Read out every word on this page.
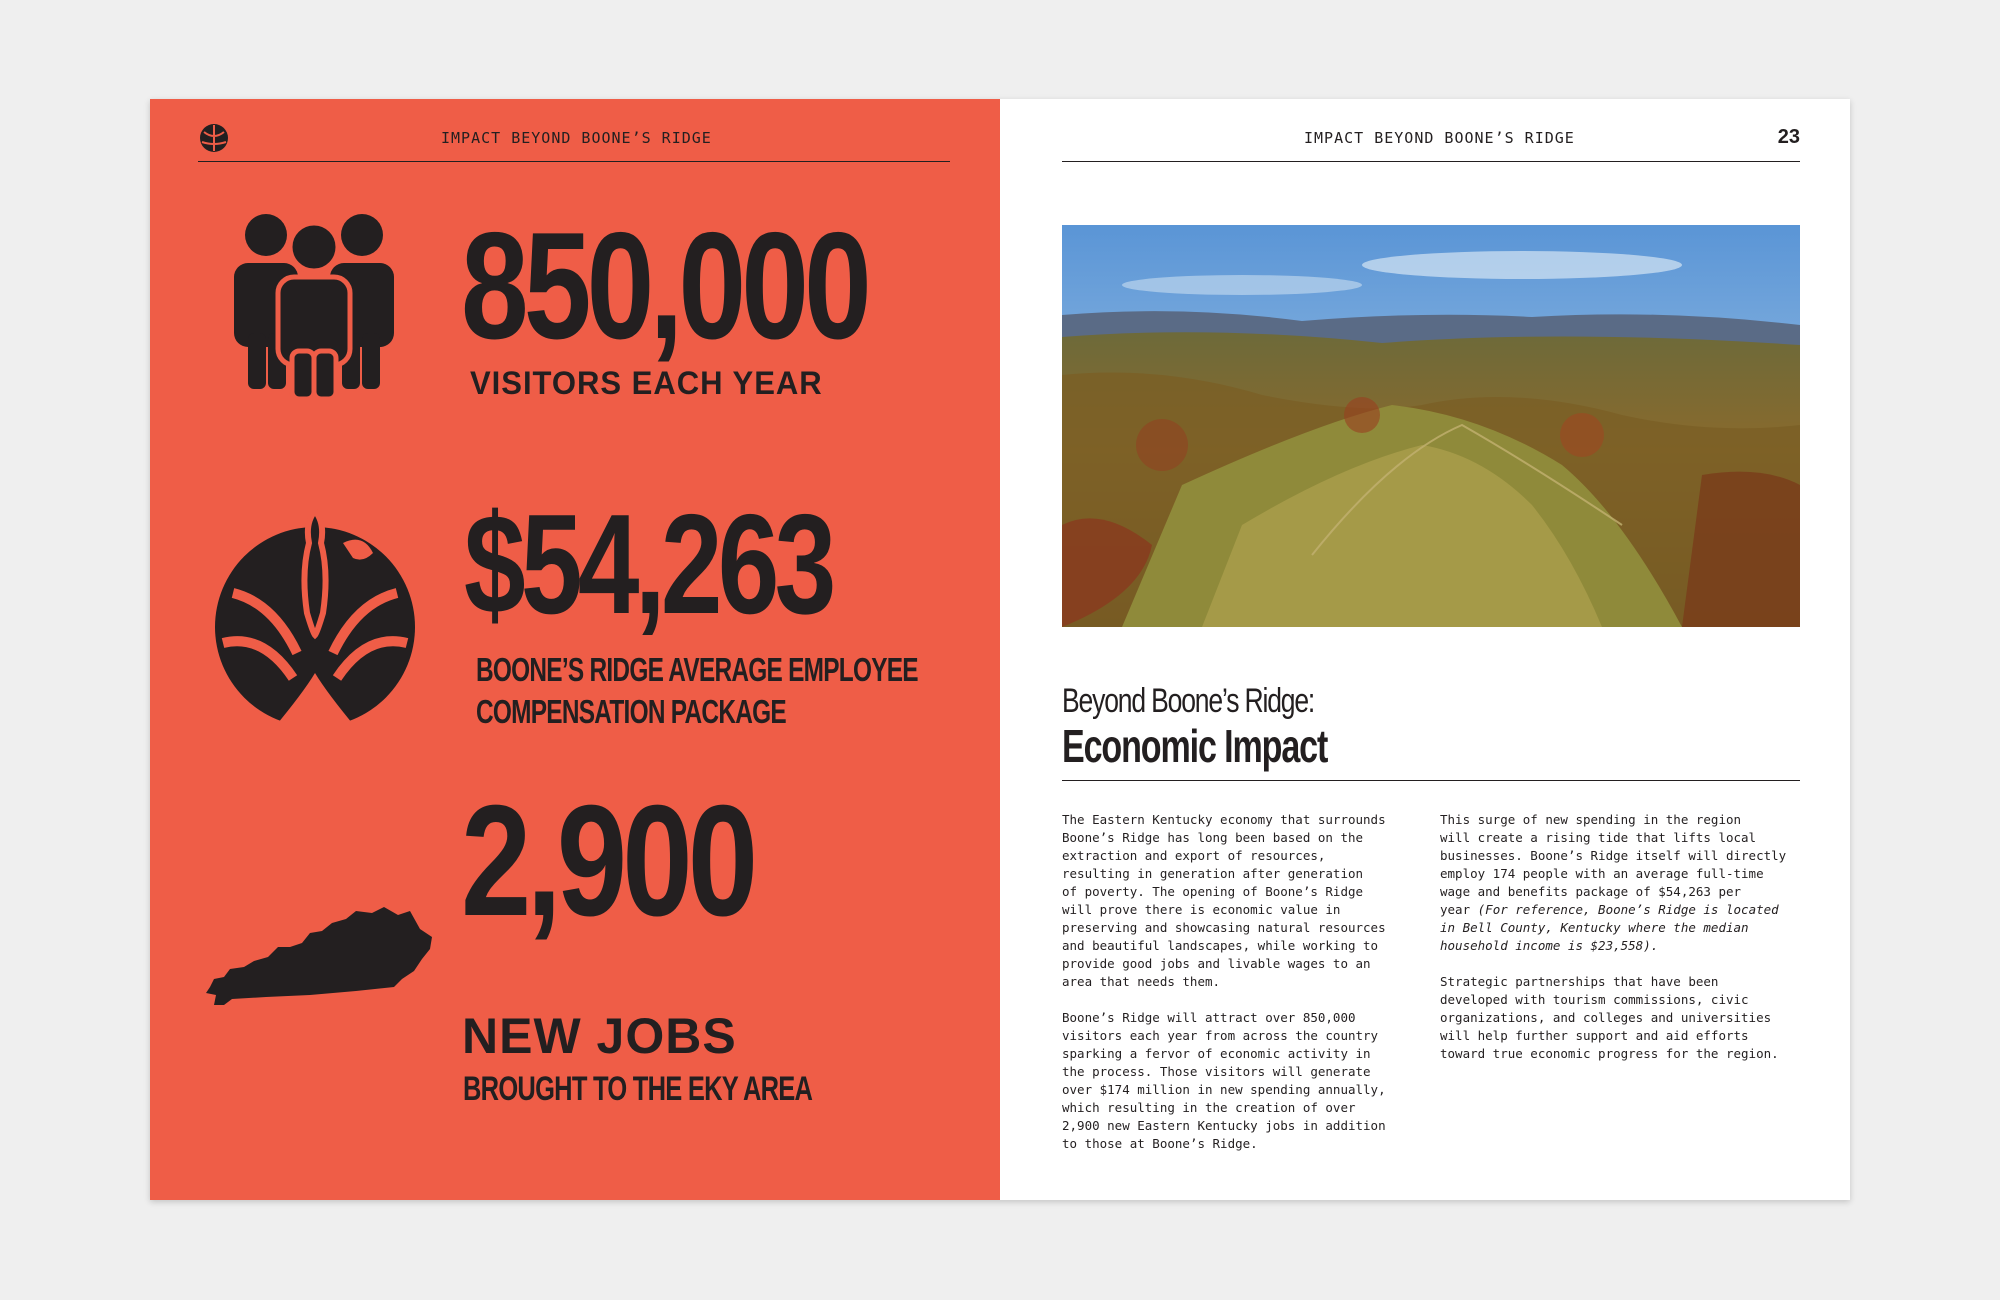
IMPACT BEYOND BOONE’S RIDGE
850,000
VISITORS EACH YEAR
$54,263
BOONE’S RIDGE AVERAGE EMPLOYEE
COMPENSATION PACKAGE
2,900
NEW JOBS
BROUGHT TO THE EKY AREA
IMPACT BEYOND BOONE’S RIDGE	23
Beyond Boone’s Ridge:
Economic Impact

The Eastern Kentucky economy that surrounds
Boone’s Ridge has long been based on the
extraction and export of resources,
resulting in generation after generation
of poverty. The opening of Boone’s Ridge
will prove there is economic value in
preserving and showcasing natural resources
and beautiful landscapes, while working to
provide good jobs and livable wages to an
area that needs them.

Boone’s Ridge will attract over 850,000
visitors each year from across the country
sparking a fervor of economic activity in
the process. Those visitors will generate
over $174 million in new spending annually,
which resulting in the creation of over
2,900 new Eastern Kentucky jobs in addition
to those at Boone’s Ridge.

This surge of new spending in the region
will create a rising tide that lifts local
businesses. Boone’s Ridge itself will directly
employ 174 people with an average full-time
wage and benefits package of $54,263 per
year (For reference, Boone’s Ridge is located
in Bell County, Kentucky where the median
household income is $23,558).

Strategic partnerships that have been
developed with tourism commissions, civic
organizations, and colleges and universities
will help further support and aid efforts
toward true economic progress for the region.
